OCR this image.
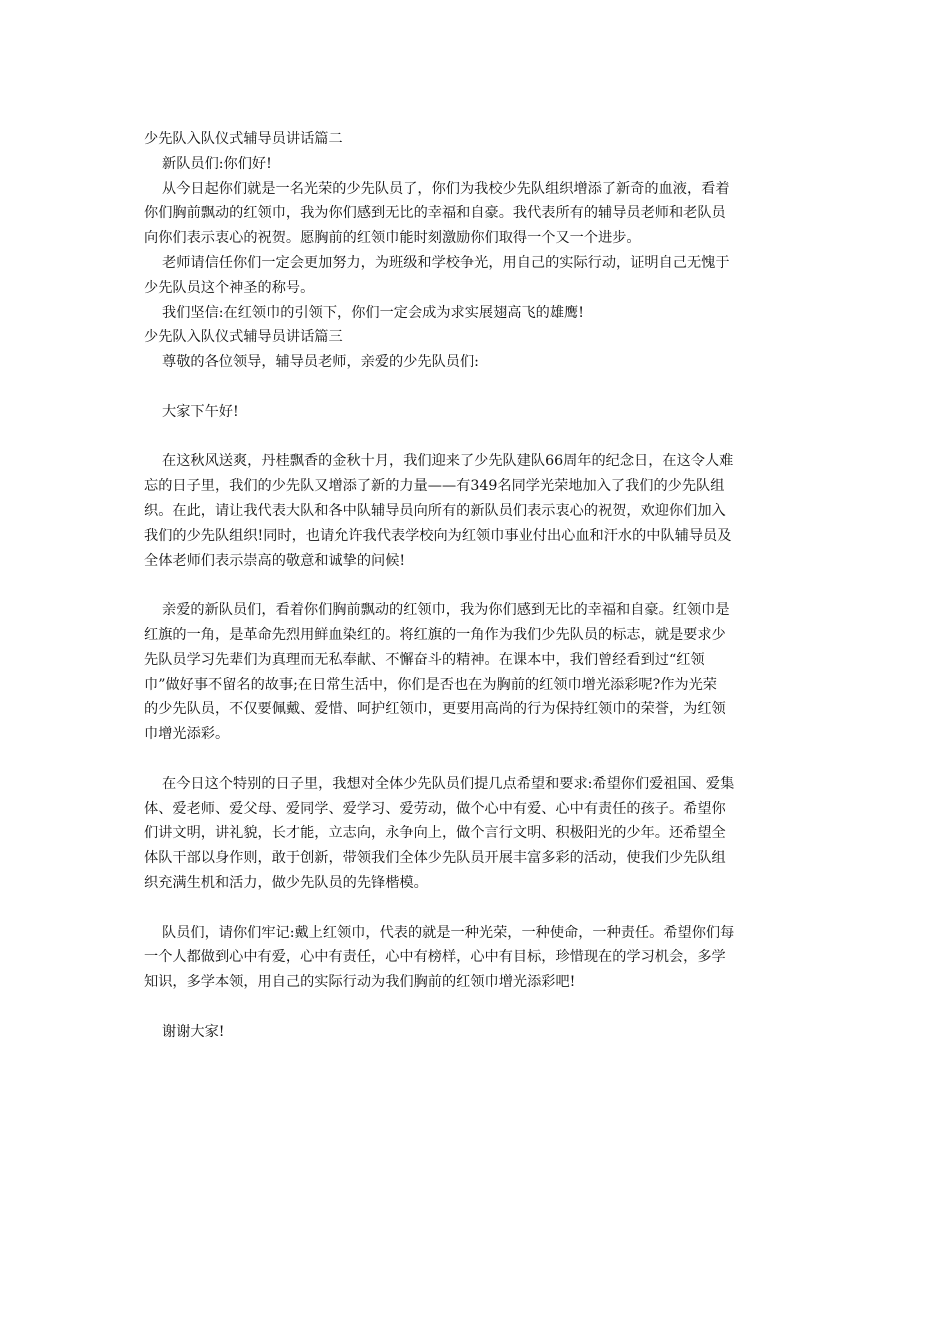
少先队入队仪式辅导员讲话篇二
新队员们:你们好!
从今日起你们就是一名光荣的少先队员了，你们为我校少先队组织增添了新奇的血液，看着
你们胸前飘动的红领巾，我为你们感到无比的幸福和自豪。我代表所有的辅导员老师和老队员
向你们表示衷心的祝贺。愿胸前的红领巾能时刻激励你们取得一个又一个进步。
老师请信任你们一定会更加努力，为班级和学校争光，用自己的实际行动，证明自己无愧于
少先队员这个神圣的称号。
我们坚信:在红领巾的引领下，你们一定会成为求实展翅高飞的雄鹰!
少先队入队仪式辅导员讲话篇三
尊敬的各位领导，辅导员老师，亲爱的少先队员们:
大家下午好!
在这秋风送爽，丹桂飘香的金秋十月，我们迎来了少先队建队66周年的纪念日，在这令人难
忘的日子里，我们的少先队又增添了新的力量——有349名同学光荣地加入了我们的少先队组
织。在此，请让我代表大队和各中队辅导员向所有的新队员们表示衷心的祝贺，欢迎你们加入
我们的少先队组织!同时，也请允许我代表学校向为红领巾事业付出心血和汗水的中队辅导员及
全体老师们表示崇高的敬意和诚挚的问候!
亲爱的新队员们，看着你们胸前飘动的红领巾，我为你们感到无比的幸福和自豪。红领巾是
红旗的一角，是革命先烈用鲜血染红的。将红旗的一角作为我们少先队员的标志，就是要求少
先队员学习先辈们为真理而无私奉献、不懈奋斗的精神。在课本中，我们曾经看到过“红领
巾”做好事不留名的故事;在日常生活中，你们是否也在为胸前的红领巾增光添彩呢?作为光荣
的少先队员，不仅要佩戴、爱惜、呵护红领巾，更要用高尚的行为保持红领巾的荣誉，为红领
巾增光添彩。
在今日这个特别的日子里，我想对全体少先队员们提几点希望和要求:希望你们爱祖国、爱集
体、爱老师、爱父母、爱同学、爱学习、爱劳动，做个心中有爱、心中有责任的孩子。希望你
们讲文明，讲礼貌，长才能，立志向，永争向上，做个言行文明、积极阳光的少年。还希望全
体队干部以身作则，敢于创新，带领我们全体少先队员开展丰富多彩的活动，使我们少先队组
织充满生机和活力，做少先队员的先锋楷模。
队员们，请你们牢记:戴上红领巾，代表的就是一种光荣，一种使命，一种责任。希望你们每
一个人都做到心中有爱，心中有责任，心中有榜样，心中有目标，珍惜现在的学习机会，多学
知识，多学本领，用自己的实际行动为我们胸前的红领巾增光添彩吧!
谢谢大家!
